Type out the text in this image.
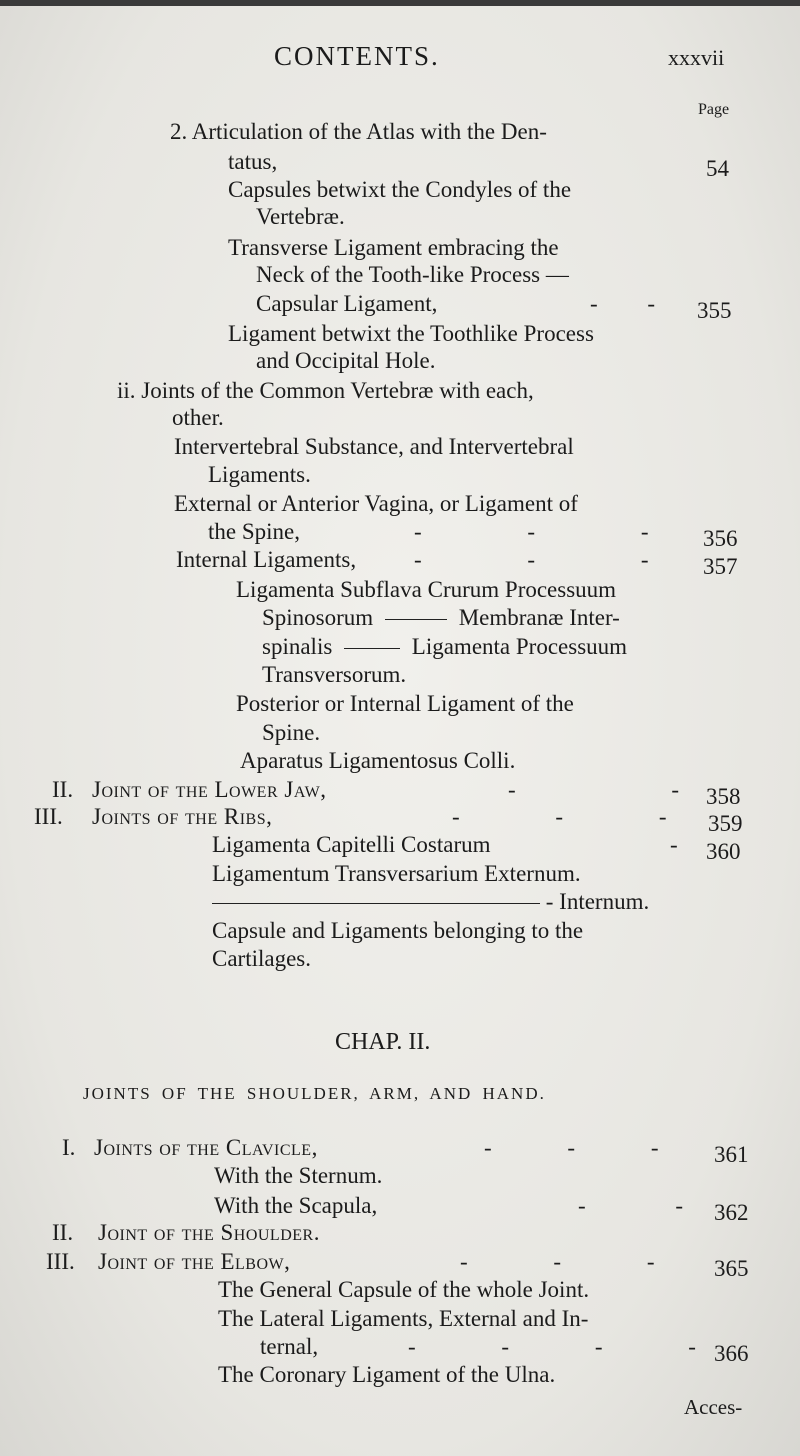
CONTENTS.	xxxvii
Page
2. Articulation of the Atlas with the Den-
tatus,	54
Capsules betwixt the Condyles of the
Vertebræ.
Transverse Ligament embracing the
Neck of the Tooth-like Process —
Capsular Ligament,	- - 355
Ligament betwixt the Toothlike Process
and Occipital Hole.
ii. Joints of the Common Vertebræ with each,
other.
Intervertebral Substance, and Intervertebral
Ligaments.
External or Anterior Vagina, or Ligament of
the Spine,	- - - 356
Internal Ligaments,	- - - 357
Ligamenta Subflava Crurum Processuum
Spinosorum	Membranæ Inter-
spinalis	Ligamenta Processuum
Transversorum.
Posterior or Internal Ligament of the
Spine.
Aparatus Ligamentosus Colli.
II. Joint of the Lower Jaw,	- - 358
III. Joints of the Ribs,	- - - 359
Ligamenta Capitelli Costarum	- 360
Ligamentum Transversarium Externum.
- Internum.
Capsule and Ligaments belonging to the
Cartilages.
CHAP. II.
JOINTS OF THE SHOULDER, ARM, AND HAND.
I. Joints of the Clavicle,	- - - 361
With the Sternum.
With the Scapula,	- - 362
II. Joint of the Shoulder.
III. Joint of the Elbow,	- - -	365
The General Capsule of the whole Joint.
The Lateral Ligaments, External and In-
ternal,	- - - - 366
The Coronary Ligament of the Ulna.
Acces-
